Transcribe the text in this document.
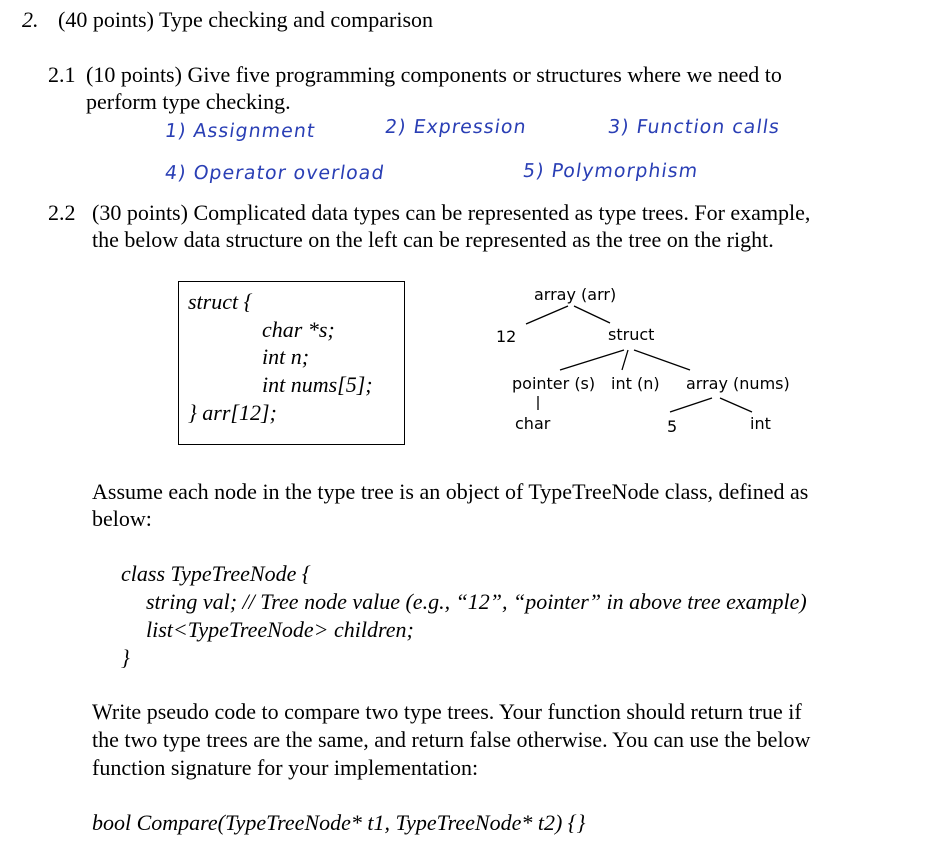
2. (40 points) Type checking and comparison
2.1 (10 points) Give five programming components or structures where we need to
perform type checking.
1) Assignment	2) Expression	3) Function calls
4) Operator overload	5) Polymorphism
2.2 (30 points) Complicated data types can be represented as type trees. For example,
the below data structure on the left can be represented as the tree on the right.
struct {
char *s;
int n;
int nums[5];
} arr[12];
array (arr)
12	struct
pointer (s) int (n) array (nums)
char	5	int
Assume each node in the type tree is an object of TypeTreeNode class, defined as
below:
class TypeTreeNode {
string val; // Tree node value (e.g., “12”, “pointer” in above tree example)
list<TypeTreeNode> children;
}
Write pseudo code to compare two type trees. Your function should return true if
the two type trees are the same, and return false otherwise. You can use the below
function signature for your implementation:
bool Compare(TypeTreeNode* t1, TypeTreeNode* t2) {}
